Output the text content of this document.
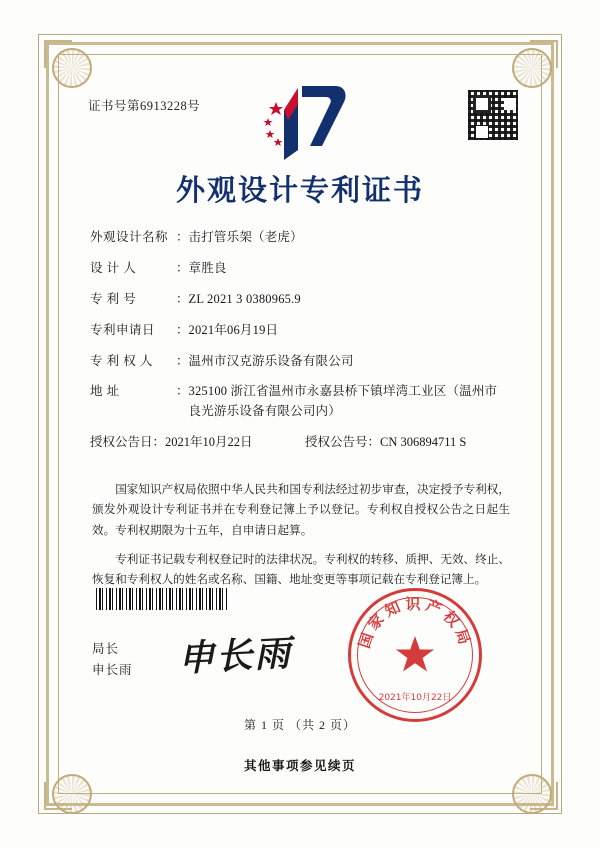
证书号第6913228号
外观设计专利证书
外观设计名称 ： 击打管乐架（老虎）
设 计 人	： 章胜良
专 利 号	： ZL 2021 3 0380965.9
专利申请日	： 2021年06月19日
专 利 权 人	： 温州市汉克游乐设备有限公司
地 址	： 325100 浙江省温州市永嘉县桥下镇垟湾工业区（温州市
良光游乐设备有限公司内）
授权公告日 ： 2021年10月22日	授权公告号 ： CN 306894711 S
国家知识产权局依照中华人民共和国专利法经过初步审查，决定授予专利权，颁发外观设计专利证书并在专利登记簿上予以登记。专利权自授权公告之日起生效。专利权期限为十五年，自申请日起算。
专利证书记载专利权登记时的法律状况。专利权的转移、质押、无效、终止、恢复和专利权人的姓名或名称、国籍、地址变更等事项记载在专利登记簿上。
局长
申长雨 申长雨	国家知识产权局
2021年10月22日
第 1 页 （共 2 页）
其他事项参见续页
